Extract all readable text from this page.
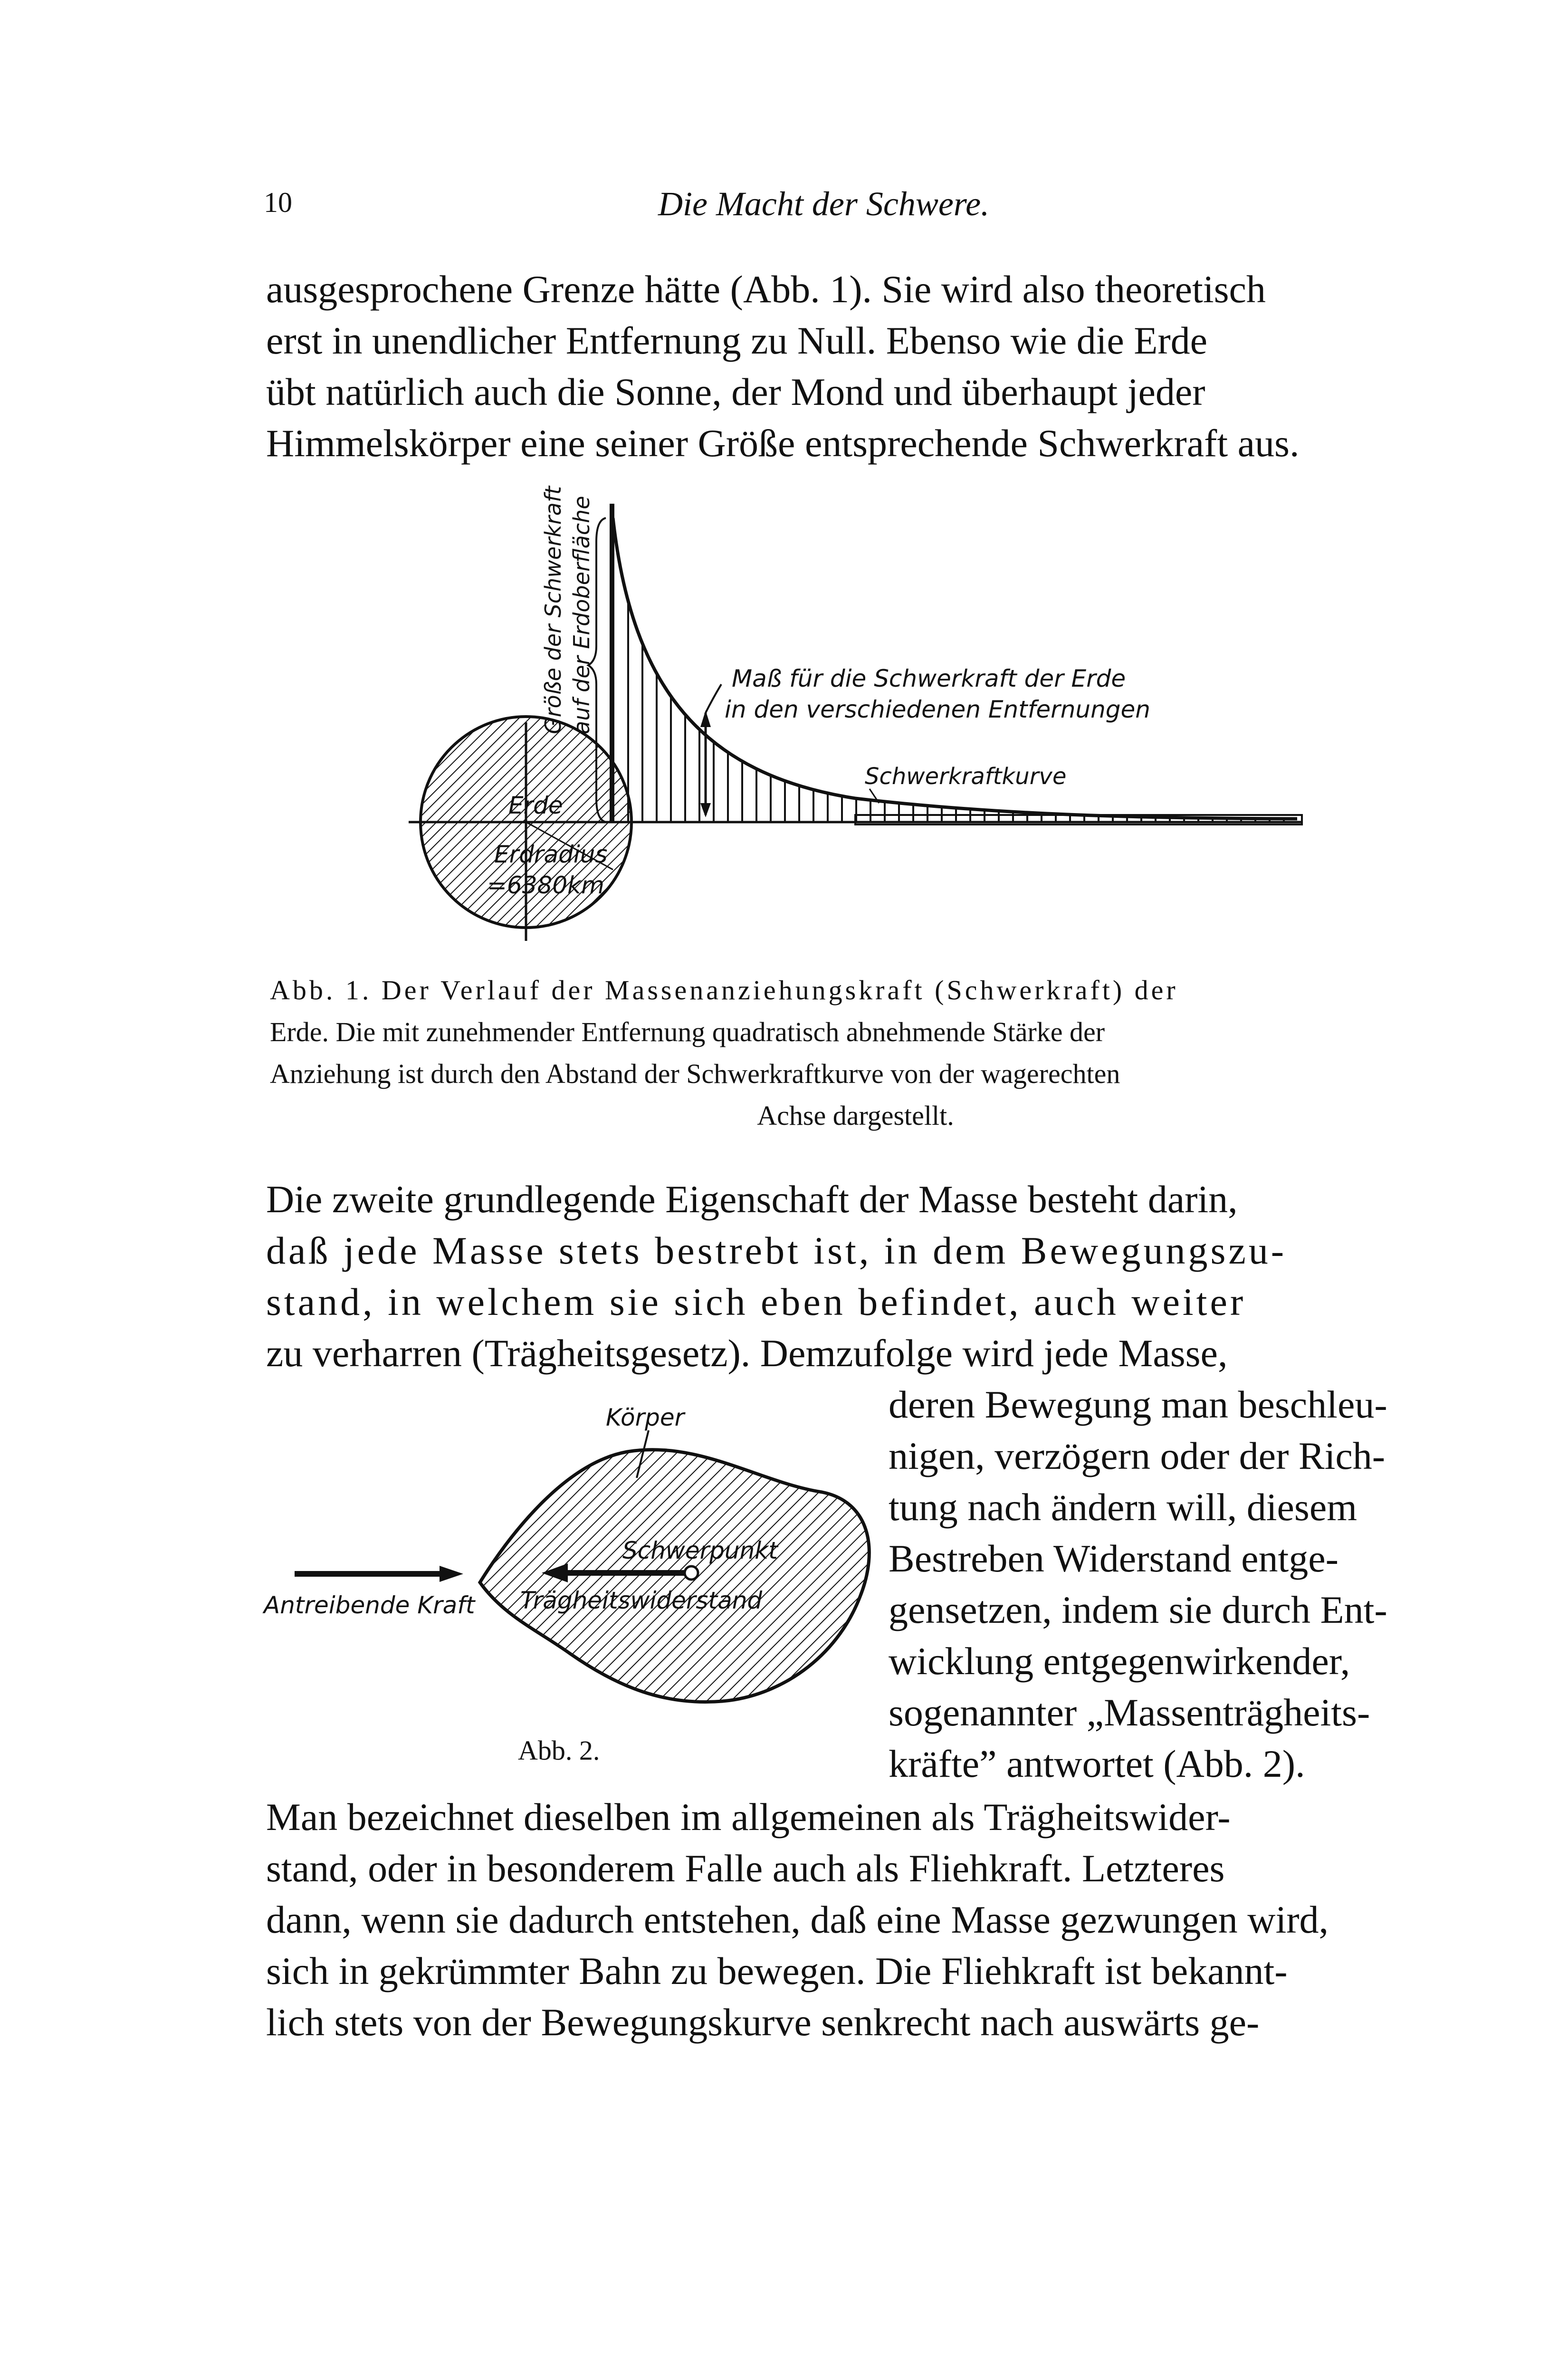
10	Die Macht der Schwere.

ausgesprochene Grenze hätte (Abb. 1). Sie wird also theoretisch

erst in unendlicher Entfernung zu Null. Ebenso wie die Erde

übt natürlich auch die Sonne, der Mond und überhaupt jeder

Himmelskörper eine seiner Größe entsprechende Schwerkraft aus.

Größe der Schwerkraft auf der Erdoberfläche	Maß für die Schwerkraft der Erde
in den verschiedenen Entfernungen
Schwerkraftkurve
Erde
Erdradius
=6380km
Abb. 1. Der Verlauf der Massenanziehungskraft (Schwerkraft) der
Erde. Die mit zunehmender Entfernung quadratisch abnehmende Stärke der
Anziehung ist durch den Abstand der Schwerkraftkurve von der wagerechten
Achse dargestellt.

Die zweite grundlegende Eigenschaft der Masse besteht darin,

daß jede Masse stets bestrebt ist, in dem Bewegungszu-

stand, in welchem sie sich eben befindet, auch weiter

zu verharren (Trägheitsgesetz). Demzufolge wird jede Masse,

Körper
Schwerpunkt
Trägheitswiderstand
Antreibende Kraft
Abb. 2.
deren Bewegung man beschleu-
nigen, verzögern oder der Rich-
tung nach ändern will, diesem
Bestreben Widerstand entge-
gensetzen, indem sie durch Ent-
wicklung entgegenwirkender,
sogenannter „Massenträgheits-
kräfte” antwortet (Abb. 2).

Man bezeichnet dieselben im allgemeinen als Trägheitswider-

stand, oder in besonderem Falle auch als Fliehkraft. Letzteres

dann, wenn sie dadurch entstehen, daß eine Masse gezwungen wird,

sich in gekrümmter Bahn zu bewegen. Die Fliehkraft ist bekannt-

lich stets von der Bewegungskurve senkrecht nach auswärts ge-
